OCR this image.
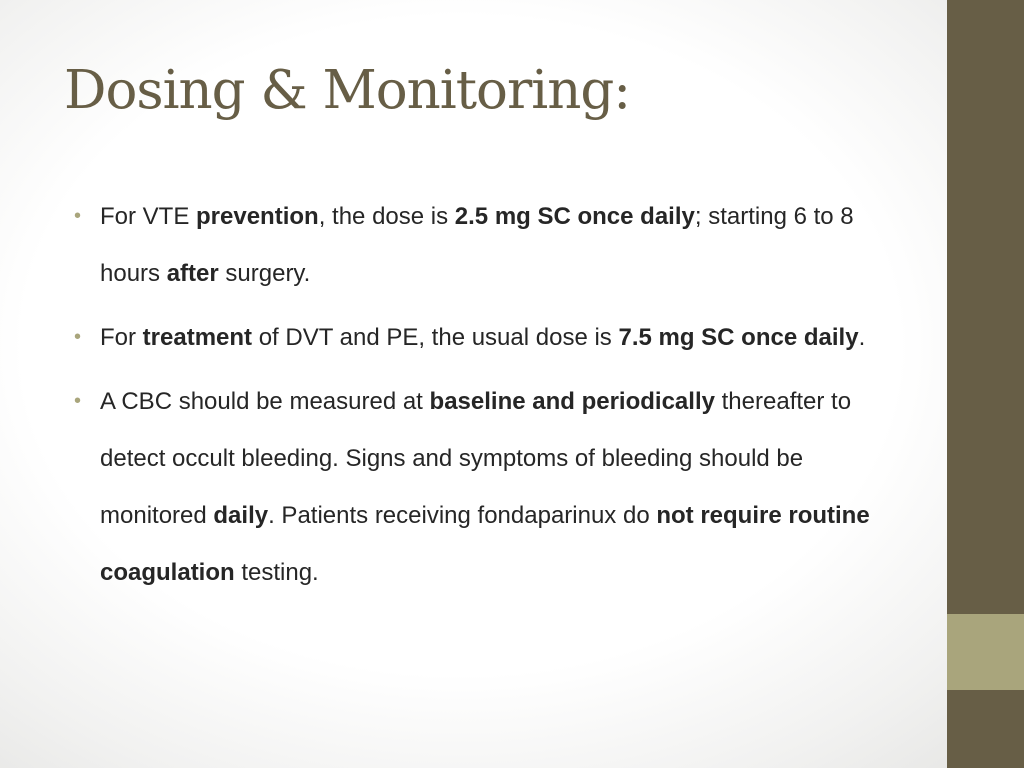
Dosing & Monitoring:
• For VTE prevention, the dose is 2.5 mg SC once daily; starting 6 to 8 hours after surgery.
• For treatment of DVT and PE, the usual dose is 7.5 mg SC once daily.
• A CBC should be measured at baseline and periodically thereafter to detect occult bleeding. Signs and symptoms of bleeding should be monitored daily. Patients receiving fondaparinux do not require routine coagulation testing.
